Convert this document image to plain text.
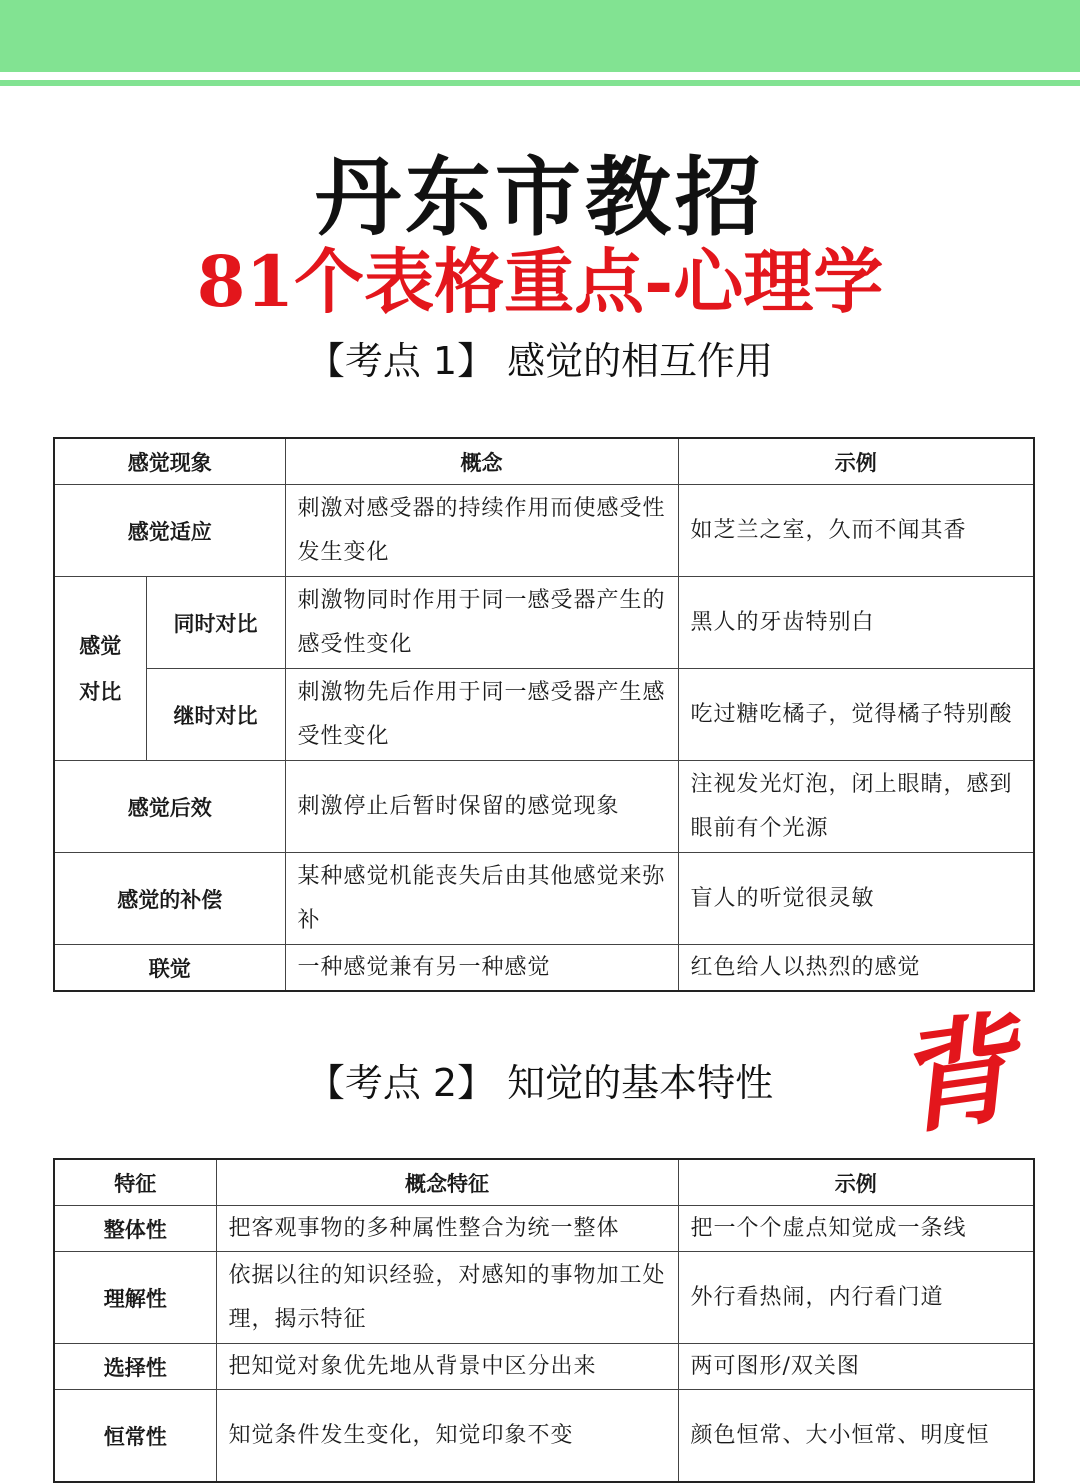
丹东市教招
81个表格重点-心理学
【考点 1】 感觉的相互作用
感觉现象		概念	示例
感觉适应		刺激对感受器的持续作用而使感受性发生变化	如芝兰之室，久而不闻其香

感觉
对比	同时对比	刺激物同时作用于同一感受器产生的感受性变化	黑人的牙齿特别白
	继时对比	刺激物先后作用于同一感受器产生感受性变化	吃过糖吃橘子，觉得橘子特别酸
感觉后效		刺激停止后暂时保留的感觉现象	注视发光灯泡，闭上眼睛，感到眼前有个光源
感觉的补偿		某种感觉机能丧失后由其他感觉来弥补	盲人的听觉很灵敏
联觉		一种感觉兼有另一种感觉	红色给人以热烈的感觉
【考点 2】 知觉的基本特性 背
特征	概念特征	示例
整体性	把客观事物的多种属性整合为统一整体	把一个个虚点知觉成一条线
理解性	依据以往的知识经验，对感知的事物加工处理，揭示特征	外行看热闹，内行看门道
选择性	把知觉对象优先地从背景中区分出来	两可图形/双关图
恒常性	知觉条件发生变化，知觉印象不变	颜色恒常、大小恒常、明度恒
